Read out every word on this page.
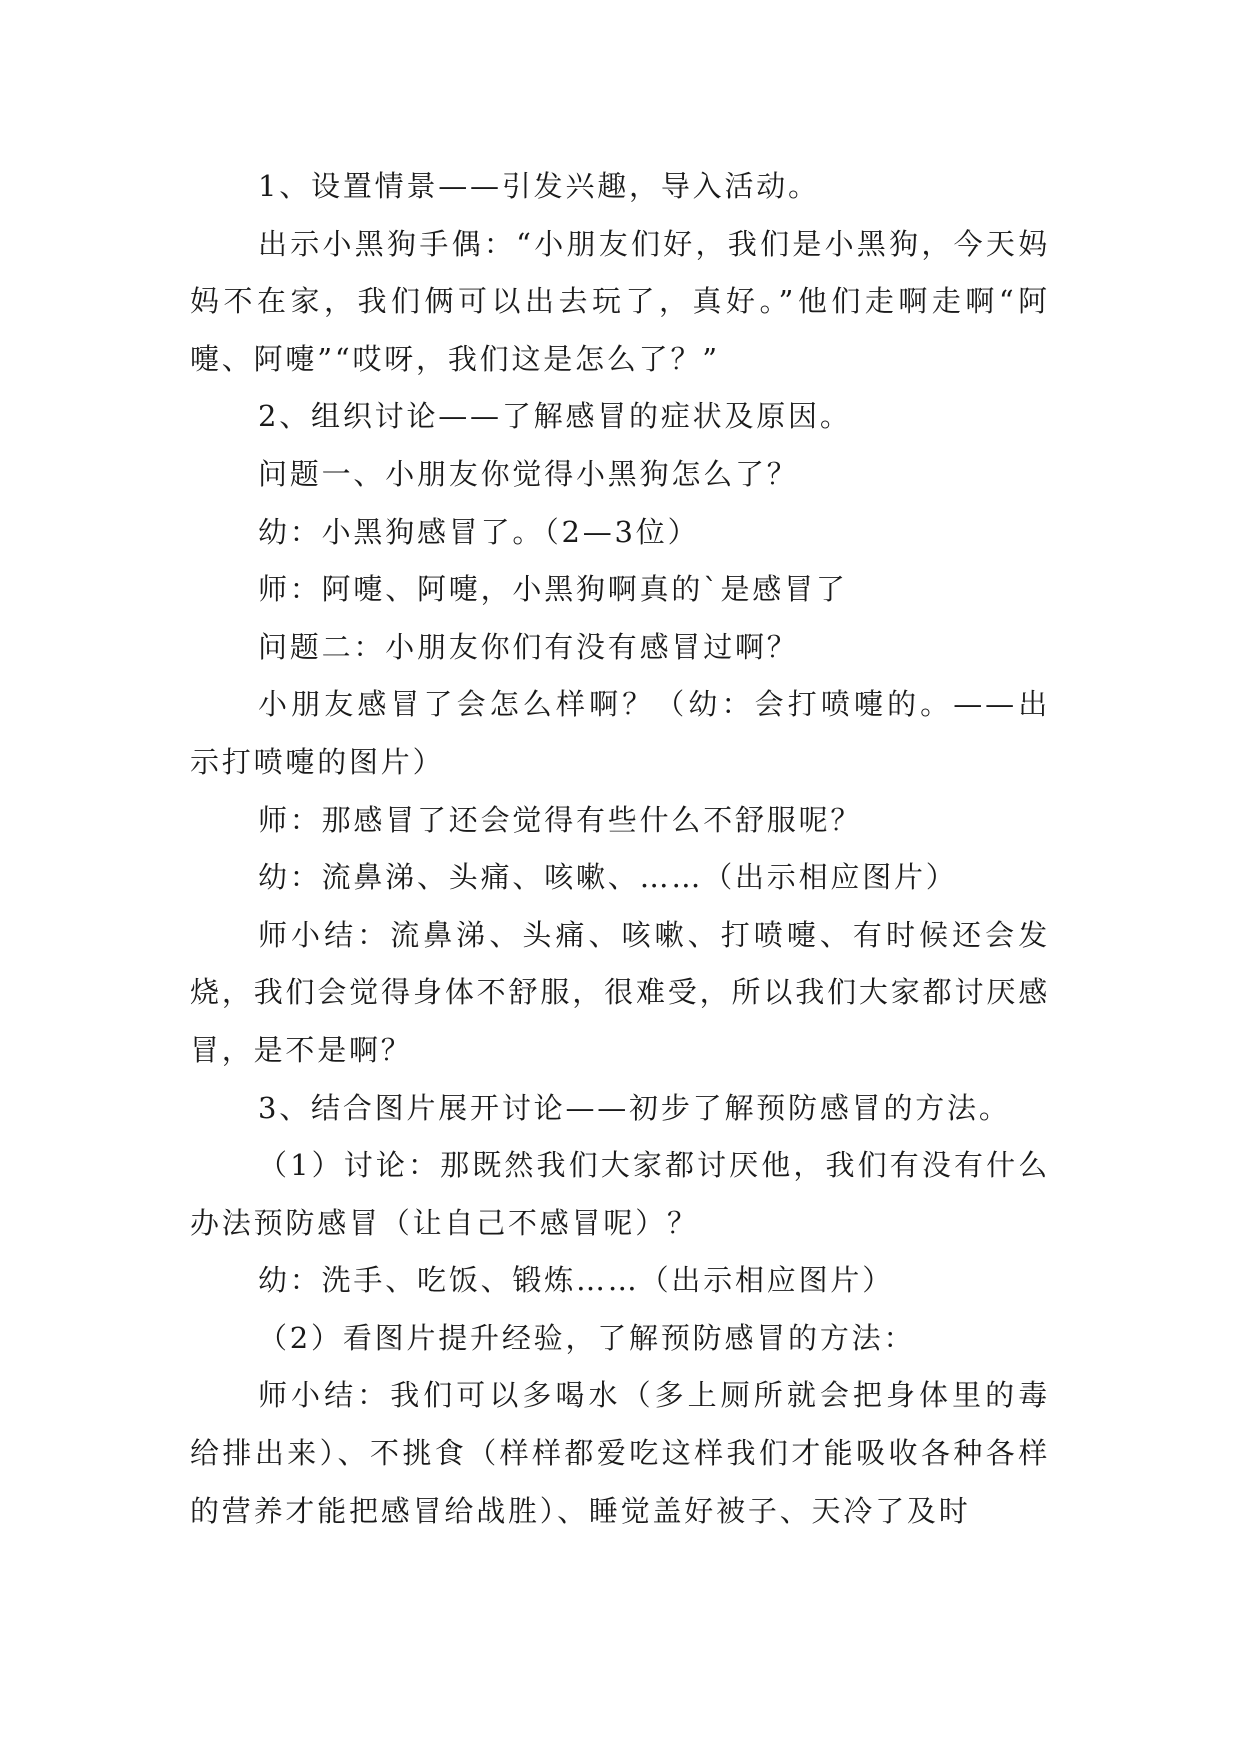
1、设置情景——引发兴趣，导入活动。

出示小黑狗手偶：“小朋友们好，我们是小黑狗，今天妈妈不在家，我们俩可以出去玩了，真好。”他们走啊走啊“阿嚏、阿嚏”“哎呀，我们这是怎么了？”

2、组织讨论——了解感冒的症状及原因。

问题一、小朋友你觉得小黑狗怎么了？

幼：小黑狗感冒了。（2—3位）

师：阿嚏、阿嚏，小黑狗啊真的`是感冒了

问题二：小朋友你们有没有感冒过啊？

小朋友感冒了会怎么样啊？（幼：会打喷嚏的。——出示打喷嚏的图片）

师：那感冒了还会觉得有些什么不舒服呢？

幼：流鼻涕、头痛、咳嗽、……（出示相应图片）

师小结：流鼻涕、头痛、咳嗽、打喷嚏、有时候还会发烧，我们会觉得身体不舒服，很难受，所以我们大家都讨厌感冒，是不是啊？

3、结合图片展开讨论——初步了解预防感冒的方法。

（1）讨论：那既然我们大家都讨厌他，我们有没有什么办法预防感冒（让自己不感冒呢）？

幼：洗手、吃饭、锻炼……（出示相应图片）

（2）看图片提升经验，了解预防感冒的方法：

师小结：我们可以多喝水（多上厕所就会把身体里的毒给排出来）、不挑食（样样都爱吃这样我们才能吸收各种各样的营养才能把感冒给战胜）、睡觉盖好被子、天冷了及时
